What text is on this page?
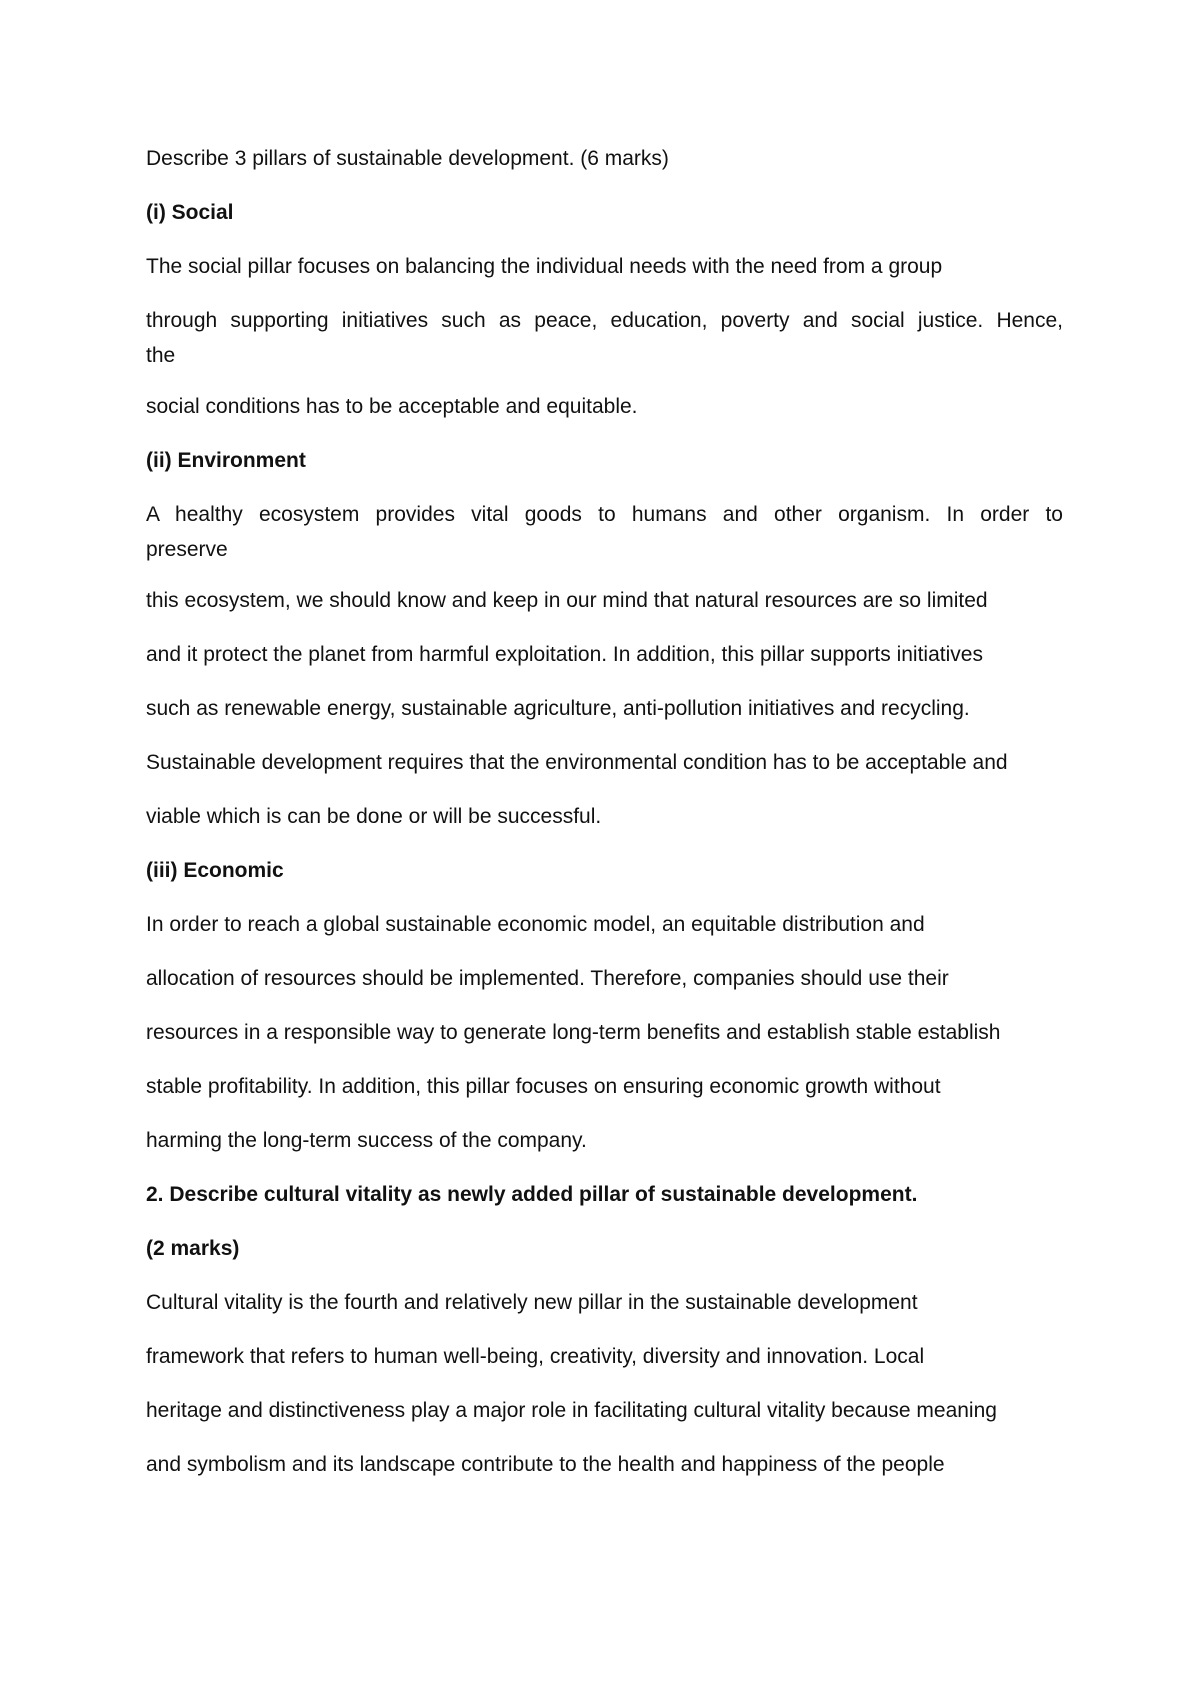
Describe 3 pillars of sustainable development. (6 marks)
(i) Social
The social pillar focuses on balancing the individual needs with the need from a group
through supporting initiatives such as peace, education, poverty and social justice. Hence,
the
social conditions has to be acceptable and equitable.
(ii) Environment
A healthy ecosystem provides vital goods to humans and other organism. In order to
preserve
this ecosystem, we should know and keep in our mind that natural resources are so limited
and it protect the planet from harmful exploitation. In addition, this pillar supports initiatives
such as renewable energy, sustainable agriculture, anti-pollution initiatives and recycling.
Sustainable development requires that the environmental condition has to be acceptable and
viable which is can be done or will be successful.
(iii) Economic
In order to reach a global sustainable economic model, an equitable distribution and
allocation of resources should be implemented. Therefore, companies should use their
resources in a responsible way to generate long-term benefits and establish stable establish
stable profitability. In addition, this pillar focuses on ensuring economic growth without
harming the long-term success of the company.
2. Describe cultural vitality as newly added pillar of sustainable development.
(2 marks)
Cultural vitality is the fourth and relatively new pillar in the sustainable development
framework that refers to human well-being, creativity, diversity and innovation. Local
heritage and distinctiveness play a major role in facilitating cultural vitality because meaning
and symbolism and its landscape contribute to the health and happiness of the people
